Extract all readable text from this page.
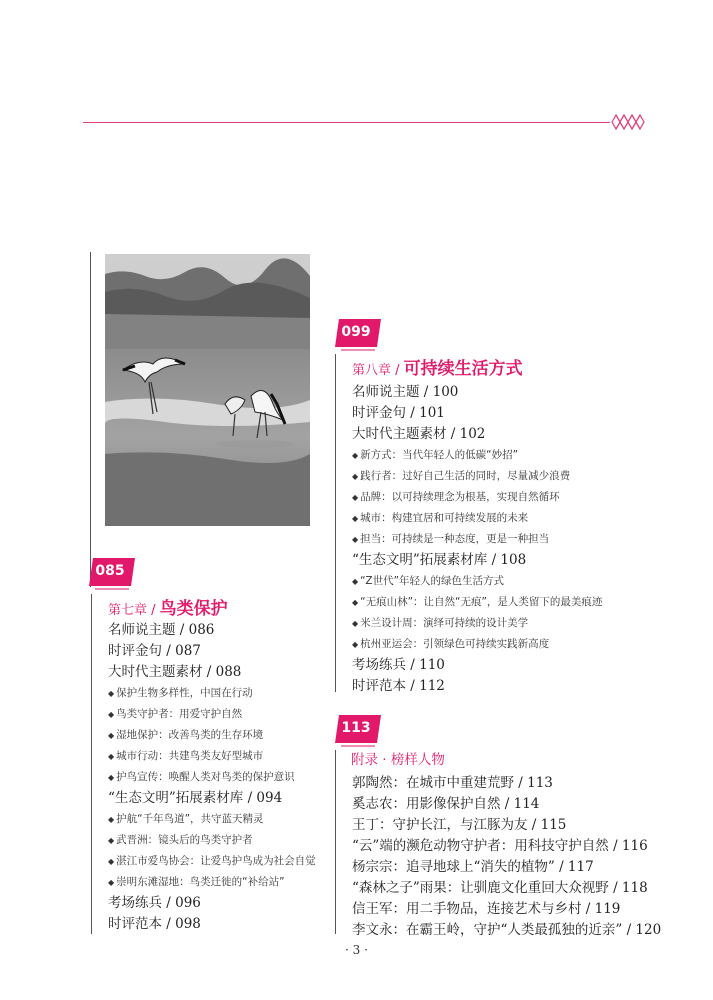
085
第七章 / 鸟类保护
名师说主题 / 086
时评金句 / 087
大时代主题素材 / 088
◆ 保护生物多样性，中国在行动
◆ 鸟类守护者：用爱守护自然
◆ 湿地保护：改善鸟类的生存环境
◆ 城市行动：共建鸟类友好型城市
◆ 护鸟宣传：唤醒人类对鸟类的保护意识
“生态文明”拓展素材库 / 094
◆ 护航“千年鸟道”，共守蓝天精灵
◆ 武晋洲：镜头后的鸟类守护者
◆ 湛江市爱鸟协会：让爱鸟护鸟成为社会自觉
◆ 崇明东滩湿地：鸟类迁徙的“补给站”
考场练兵 / 096
时评范本 / 098
099
第八章 / 可持续生活方式
名师说主题 / 100
时评金句 / 101
大时代主题素材 / 102
◆ 新方式：当代年轻人的低碳“妙招”
◆ 践行者：过好自己生活的同时，尽量减少浪费
◆ 品牌：以可持续理念为根基，实现自然循环
◆ 城市：构建宜居和可持续发展的未来
◆ 担当：可持续是一种态度，更是一种担当
“生态文明”拓展素材库 / 108
◆ “Z世代”年轻人的绿色生活方式
◆ “无痕山林”：让自然“无痕”，是人类留下的最美痕迹
◆ 米兰设计周：演绎可持续的设计美学
◆ 杭州亚运会：引领绿色可持续实践新高度
考场练兵 / 110
时评范本 / 112
113
附录 · 榜样人物
郭陶然：在城市中重建荒野 / 113
奚志农：用影像保护自然 / 114
王丁：守护长江，与江豚为友 / 115
“云”端的濒危动物守护者：用科技守护自然 / 116
杨宗宗：追寻地球上“消失的植物” / 117
“森林之子”雨果：让驯鹿文化重回大众视野 / 118
信王军：用二手物品，连接艺术与乡村 / 119
李文永：在霸王岭，守护“人类最孤独的近亲” / 120
· 3 ·
